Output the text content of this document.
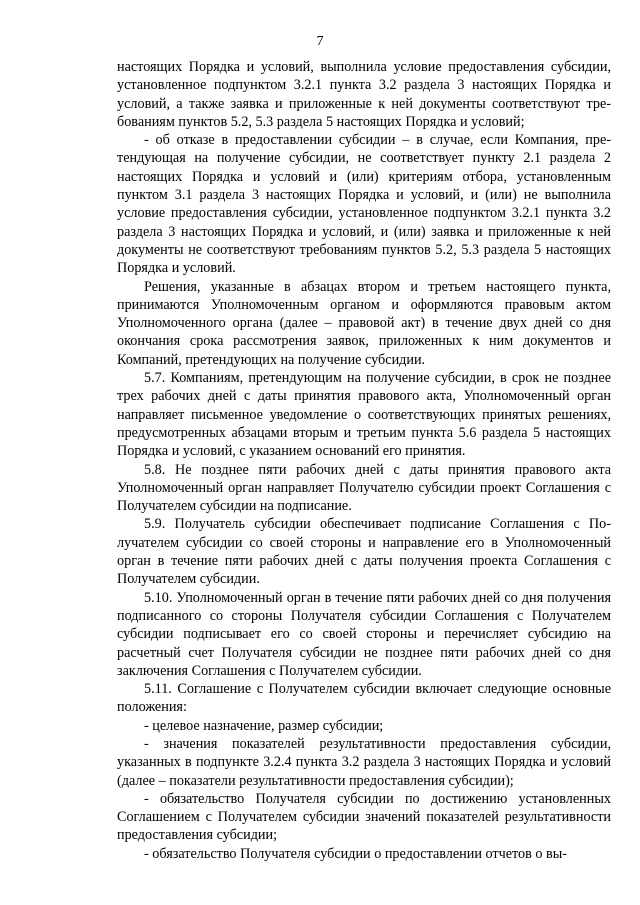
7

настоящих Порядка и условий, выполнила условие предоставления субсидии, установленное подпунктом 3.2.1 пункта 3.2 раздела 3 настоящих Порядка и условий, а также заявка и приложенные к ней документы соответствуют требованиям пунктов 5.2, 5.3 раздела 5 настоящих Порядка и условий;

- об отказе в предоставлении субсидии – в случае, если Компания, претендующая на получение субсидии, не соответствует пункту 2.1 раздела 2 настоящих Порядка и условий и (или) критериям отбора, установленным пунктом 3.1 раздела 3 настоящих Порядка и условий, и (или) не выполнила условие предоставления субсидии, установленное подпунктом 3.2.1 пункта 3.2 раздела 3 настоящих Порядка и условий, и (или) заявка и приложенные к ней документы не соответствуют требованиям пунктов 5.2, 5.3 раздела 5 настоящих Порядка и условий.

Решения, указанные в абзацах втором и третьем настоящего пункта, принимаются Уполномоченным органом и оформляются правовым актом Уполномоченного органа (далее – правовой акт) в течение двух дней со дня окончания срока рассмотрения заявок, приложенных к ним документов и Компаний, претендующих на получение субсидии.

5.7. Компаниям, претендующим на получение субсидии, в срок не позднее трех рабочих дней с даты принятия правового акта, Уполномоченный орган направляет письменное уведомление о соответствующих принятых решениях, предусмотренных абзацами вторым и третьим пункта 5.6 раздела 5 настоящих Порядка и условий, с указанием оснований его принятия.

5.8. Не позднее пяти рабочих дней с даты принятия правового акта Уполномоченный орган направляет Получателю субсидии проект Соглашения с Получателем субсидии на подписание.

5.9. Получатель субсидии обеспечивает подписание Соглашения с Получателем субсидии со своей стороны и направление его в Уполномоченный орган в течение пяти рабочих дней с даты получения проекта Соглашения с Получателем субсидии.

5.10. Уполномоченный орган в течение пяти рабочих дней со дня получения подписанного со стороны Получателя субсидии Соглашения с Получателем субсидии подписывает его со своей стороны и перечисляет субсидию на расчетный счет Получателя субсидии не позднее пяти рабочих дней со дня заключения Соглашения с Получателем субсидии.

5.11. Соглашение с Получателем субсидии включает следующие основные положения:

- целевое назначение, размер субсидии;

- значения показателей результативности предоставления субсидии, указанных в подпункте 3.2.4 пункта 3.2 раздела 3 настоящих Порядка и условий (далее – показатели результативности предоставления субсидии);

- обязательство Получателя субсидии по достижению установленных Соглашением с Получателем субсидии значений показателей результативности предоставления субсидии;

- обязательство Получателя субсидии о предоставлении отчетов о вы-
